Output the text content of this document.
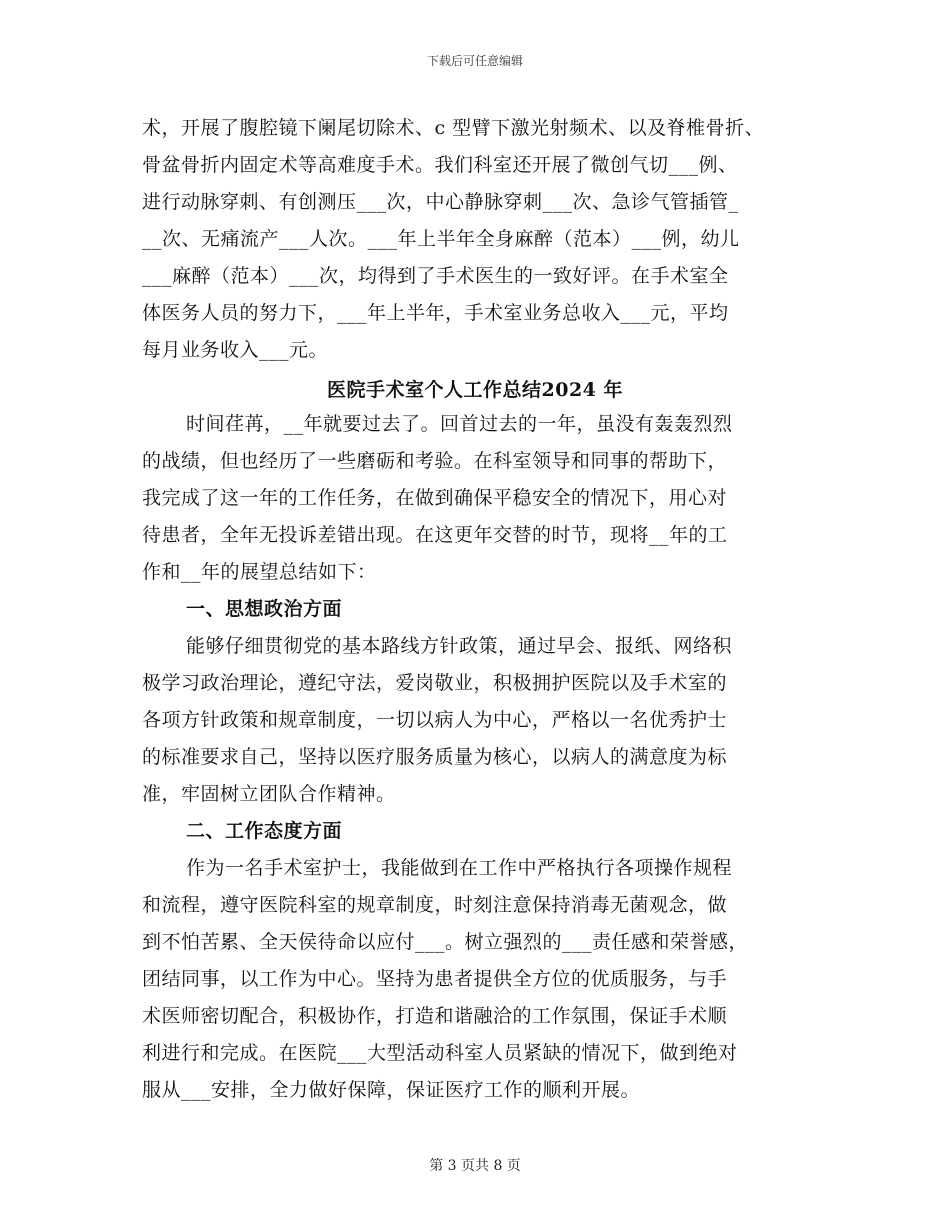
下载后可任意编辑
术，开展了腹腔镜下阑尾切除术、c 型臂下激光射频术、以及脊椎骨折、
骨盆骨折内固定术等高难度手术。我们科室还开展了微创气切___例、
进行动脉穿刺、有创测压___次，中心静脉穿刺___次、急诊气管插管_
__次、无痛流产___人次。___年上半年全身麻醉（范本）___例，幼儿
___麻醉（范本）___次，均得到了手术医生的一致好评。在手术室全
体医务人员的努力下，___年上半年，手术室业务总收入___元，平均
每月业务收入___元。
医院手术室个人工作总结2024 年
时间荏苒，__年就要过去了。回首过去的一年，虽没有轰轰烈烈
的战绩，但也经历了一些磨砺和考验。在科室领导和同事的帮助下，
我完成了这一年的工作任务，在做到确保平稳安全的情况下，用心对
待患者，全年无投诉差错出现。在这更年交替的时节，现将__年的工
作和__年的展望总结如下：
一、思想政治方面
能够仔细贯彻党的基本路线方针政策，通过早会、报纸、网络积
极学习政治理论，遵纪守法，爱岗敬业，积极拥护医院以及手术室的
各项方针政策和规章制度，一切以病人为中心，严格以一名优秀护士
的标准要求自己，坚持以医疗服务质量为核心，以病人的满意度为标
准，牢固树立团队合作精神。
二、工作态度方面
作为一名手术室护士，我能做到在工作中严格执行各项操作规程
和流程，遵守医院科室的规章制度，时刻注意保持消毒无菌观念，做
到不怕苦累、全天侯待命以应付___。树立强烈的___责任感和荣誉感，
团结同事，以工作为中心。坚持为患者提供全方位的优质服务，与手
术医师密切配合，积极协作，打造和谐融洽的工作氛围，保证手术顺
利进行和完成。在医院___大型活动科室人员紧缺的情况下，做到绝对
服从___安排，全力做好保障，保证医疗工作的顺利开展。
第 3 页共 8 页
